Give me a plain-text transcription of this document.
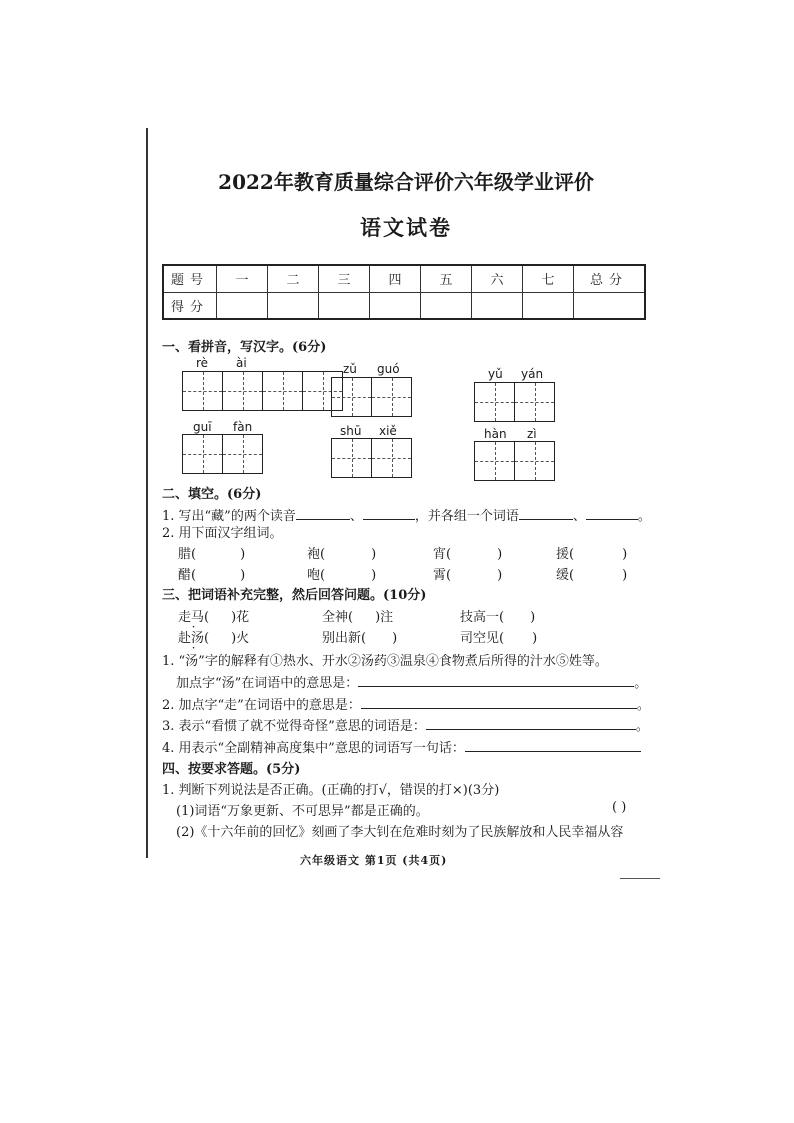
2022年教育质量综合评价六年级学业评价
语文试卷
题号	一	二	三	四	五	六	七	总分
得分								
一、看拼音，写汉字。(6分)
rè ài	zǔ guó	yǔ yán
guī fàn	shū xiě	hàn zì
二、填空。(6分)
1. 写出“藏”的两个读音	、	，并各组一个词语	、	。
2. 用下面汉字组词。
腊(	)	袍(	)	宵(	)	援(	)
醋(	)	咆(	)	霄(	)	缓(	)
三、把词语补充完整，然后回答问题。(10分)
走马( · )花	全神( )注	技高一( )
赴汤( · )火	别出新( )	司空见( )
1. “汤”字的解释有①热水、开水②汤药③温泉④食物煮后所得的汁水⑤姓等。
加点字“汤”在词语中的意思是：	。
2. 加点字“走”在词语中的意思是：	。
3. 表示“看惯了就不觉得奇怪”意思的词语是：	。
4. 用表示“全副精神高度集中”意思的词语写一句话：
四、按要求答题。(5分)
1. 判断下列说法是否正确。(正确的打√，错误的打×)(3分)
(1)词语“万象更新、不可思异”都是正确的。	( )
(2)《十六年前的回忆》刻画了李大钊在危难时刻为了民族解放和人民幸福从容
六年级语文 第1页 (共4页)
